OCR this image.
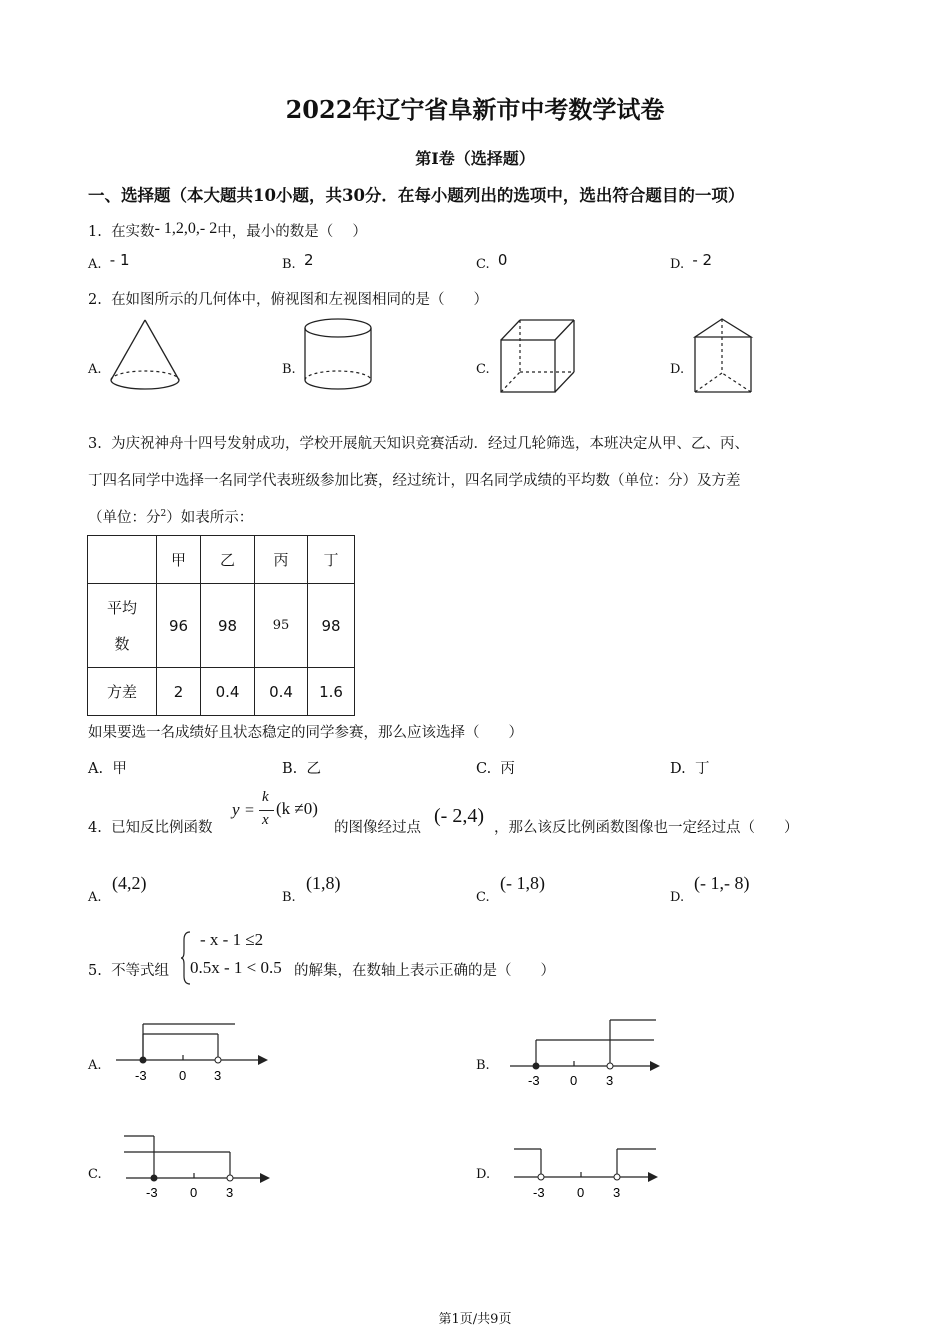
2022年辽宁省阜新市中考数学试卷
第Ⅰ卷（选择题）
一、选择题（本大题共10小题，共30分．在每小题列出的选项中，选出符合题目的一项）
1. 在实数- 1,2,0,- 2中，最小的数是（　 ）
A. - 1	B. 2	C. 0	D. - 2
2. 在如图所示的几何体中，俯视图和左视图相同的是（　　）
A.	B.	C.	D.
3. 为庆祝神舟十四号发射成功，学校开展航天知识竞赛活动．经过几轮筛选，本班决定从甲、乙、丙、
丁四名同学中选择一名同学代表班级参加比赛，经过统计，四名同学成绩的平均数（单位：分）及方差
（单位：分$^2$）如表所示：
	甲	乙	丙	丁
平均
数	96	98	95	98
方差	2	0.4	0.4	1.6
如果要选一名成绩好且状态稳定的同学参赛，那么应该选择（　　）
A. 甲	B. 乙	C. 丙	D. 丁
4. 已知反比例函数
y =
k
x
(k ≠0)
的图像经过点
(- 2,4)
，那么该反比例函数图像也一定经过点（　　）
A.
(4,2)
B.
(1,8)
C.
(- 1,8)
D.
(- 1,- 8)
5. 不等式组
- x - 1 ≤2
0.5x - 1 < 0.5 的解集，在数轴上表示正确的是（　　）
A.	B.
C.	D.
-3 0 3	-3 0 3
-3 0 3	-3 0 3
第1页/共9页
